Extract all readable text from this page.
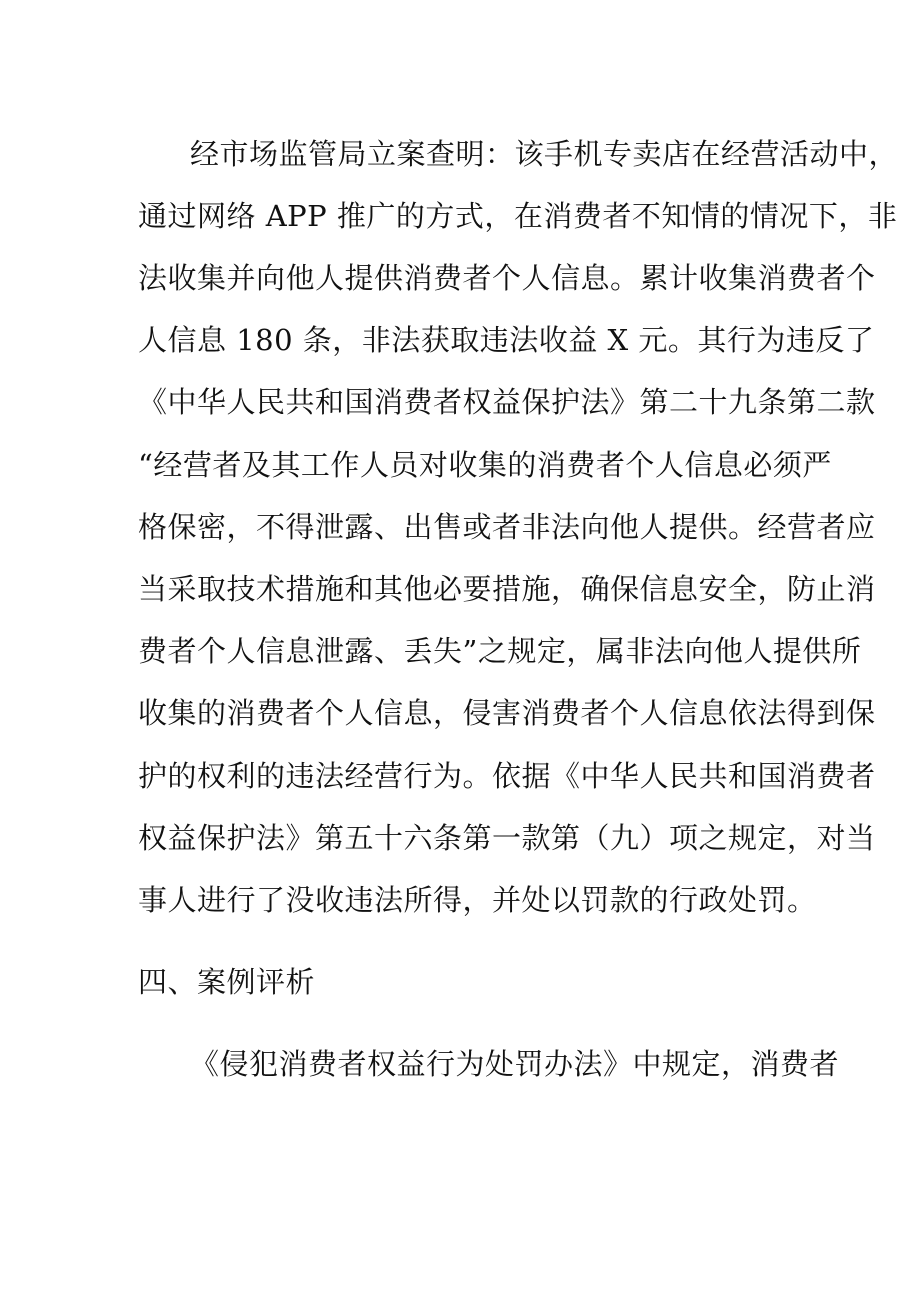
经市场监管局立案查明：该手机专卖店在经营活动中，
通过网络 APP 推广的方式，在消费者不知情的情况下，非
法收集并向他人提供消费者个人信息。累计收集消费者个
人信息 180 条，非法获取违法收益 X 元。其行为违反了
《中华人民共和国消费者权益保护法》第二十九条第二款
“经营者及其工作人员对收集的消费者个人信息必须严
格保密，不得泄露、出售或者非法向他人提供。经营者应
当采取技术措施和其他必要措施，确保信息安全，防止消
费者个人信息泄露、丢失”之规定，属非法向他人提供所
收集的消费者个人信息，侵害消费者个人信息依法得到保
护的权利的违法经营行为。依据《中华人民共和国消费者
权益保护法》第五十六条第一款第（九）项之规定，对当
事人进行了没收违法所得，并处以罚款的行政处罚。
四、案例评析
《侵犯消费者权益行为处罚办法》中规定，消费者
